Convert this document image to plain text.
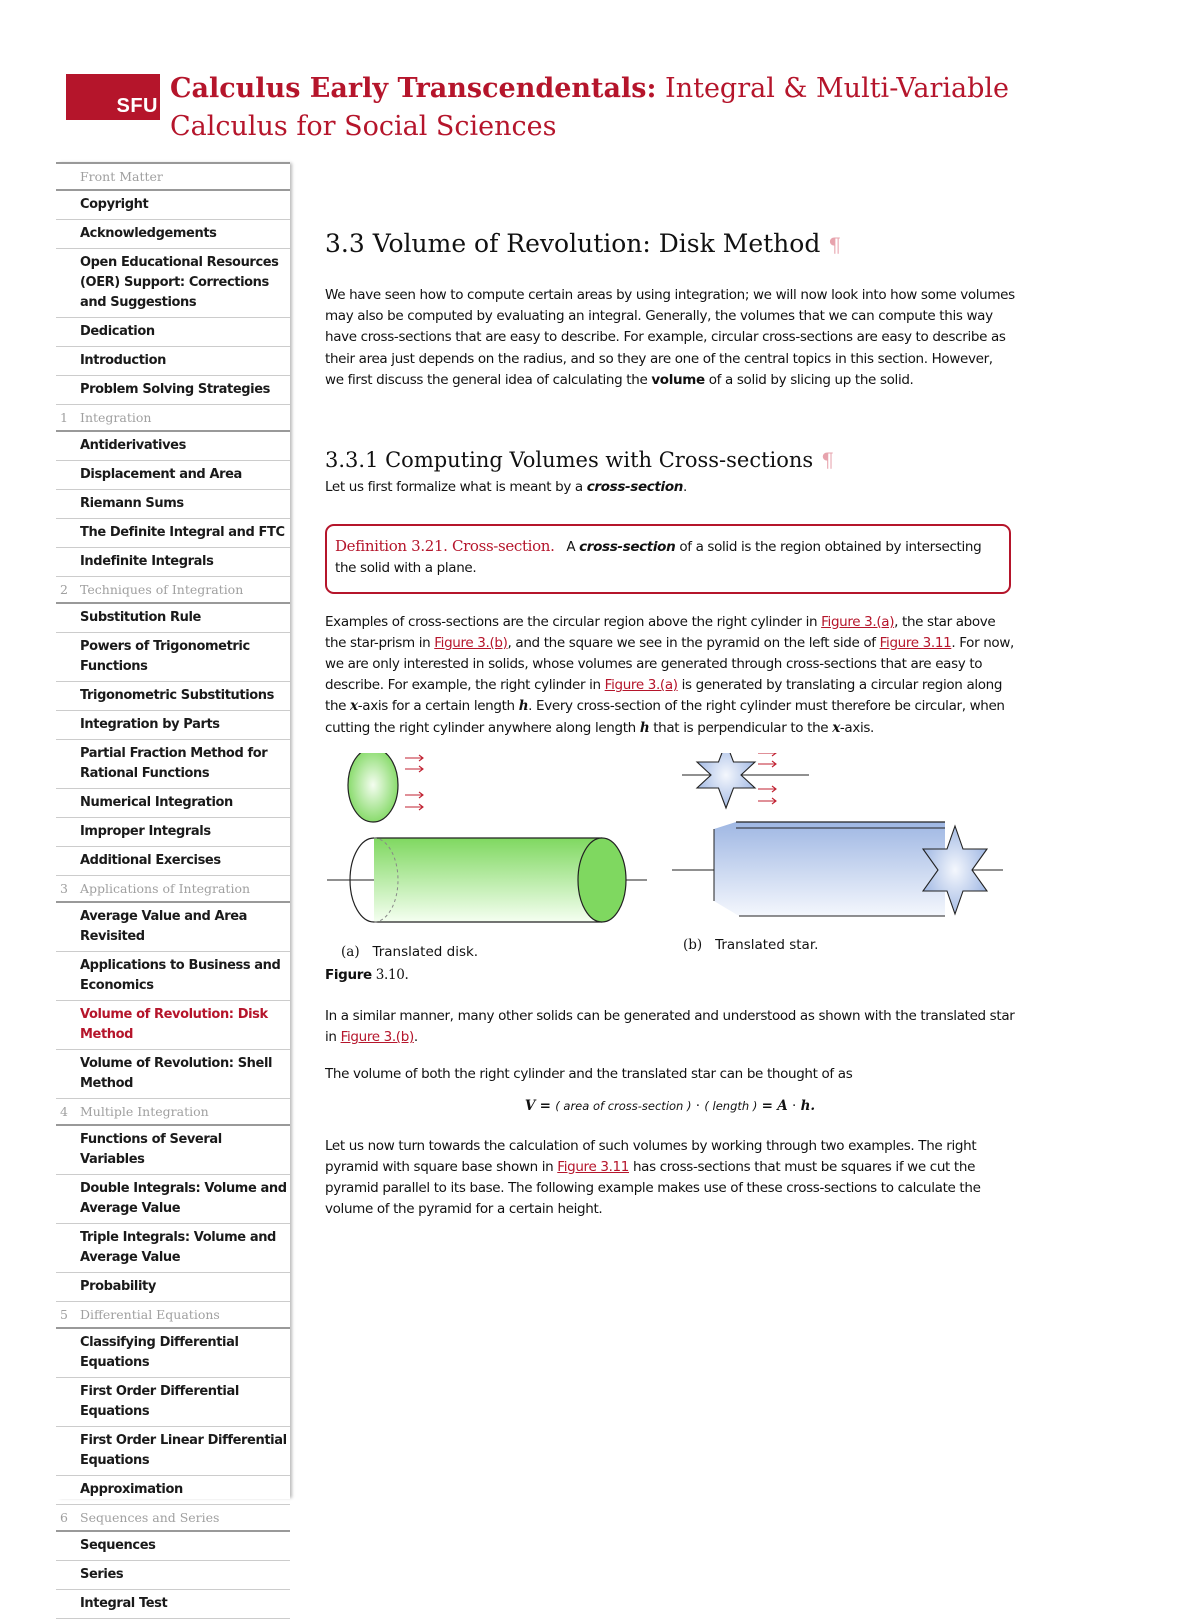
SFU
Calculus Early Transcendentals: Integral & Multi-Variable Calculus for Social Sciences
Front Matter
Copyright
Acknowledgements
Open Educational Resources (OER) Support: Corrections and Suggestions
Dedication
Introduction
Problem Solving Strategies
1 Integration
Antiderivatives
Displacement and Area
Riemann Sums
The Definite Integral and FTC
Indefinite Integrals
2 Techniques of Integration
Substitution Rule
Powers of Trigonometric Functions
Trigonometric Substitutions
Integration by Parts
Partial Fraction Method for Rational Functions
Numerical Integration
Improper Integrals
Additional Exercises
3 Applications of Integration
Average Value and Area Revisited
Applications to Business and Economics
Volume of Revolution: Disk Method
Volume of Revolution: Shell Method
4 Multiple Integration
Functions of Several Variables
Double Integrals: Volume and Average Value
Triple Integrals: Volume and Average Value
Probability
5 Differential Equations
Classifying Differential Equations
First Order Differential Equations
First Order Linear Differential Equations
Approximation
6 Sequences and Series
Sequences
Series
Integral Test
3.3 Volume of Revolution: Disk Method ¶

We have seen how to compute certain areas by using integration; we will now look into how some volumes may also be computed by evaluating an integral. Generally, the volumes that we can compute this way have cross-sections that are easy to describe. For example, circular cross-sections are easy to describe as their area just depends on the radius, and so they are one of the central topics in this section. However, we first discuss the general idea of calculating the volume of a solid by slicing up the solid.

3.3.1 Computing Volumes with Cross-sections ¶

Let us first formalize what is meant by a cross-section.

Definition 3.21. Cross-section. A cross-section of a solid is the region obtained by intersecting the solid with a plane.

Examples of cross-sections are the circular region above the right cylinder in Figure 3.(a), the star above the star-prism in Figure 3.(b), and the square we see in the pyramid on the left side of Figure 3.11. For now, we are only interested in solids, whose volumes are generated through cross-sections that are easy to describe. For example, the right cylinder in Figure 3.(a) is generated by translating a circular region along the x-axis for a certain length h. Every cross-section of the right cylinder must therefore be circular, when cutting the right cylinder anywhere along length h that is perpendicular to the x-axis.

(a) Translated disk.	(b) Translated star.

Figure 3.10.

In a similar manner, many other solids can be generated and understood as shown with the translated star in Figure 3.(b).

The volume of both the right cylinder and the translated star can be thought of as

V = ( area of cross-section ) · ( length ) = A · h.

Let us now turn towards the calculation of such volumes by working through two examples. The right pyramid with square base shown in Figure 3.11 has cross-sections that must be squares if we cut the pyramid parallel to its base. The following example makes use of these cross-sections to calculate the volume of the pyramid for a certain height.
